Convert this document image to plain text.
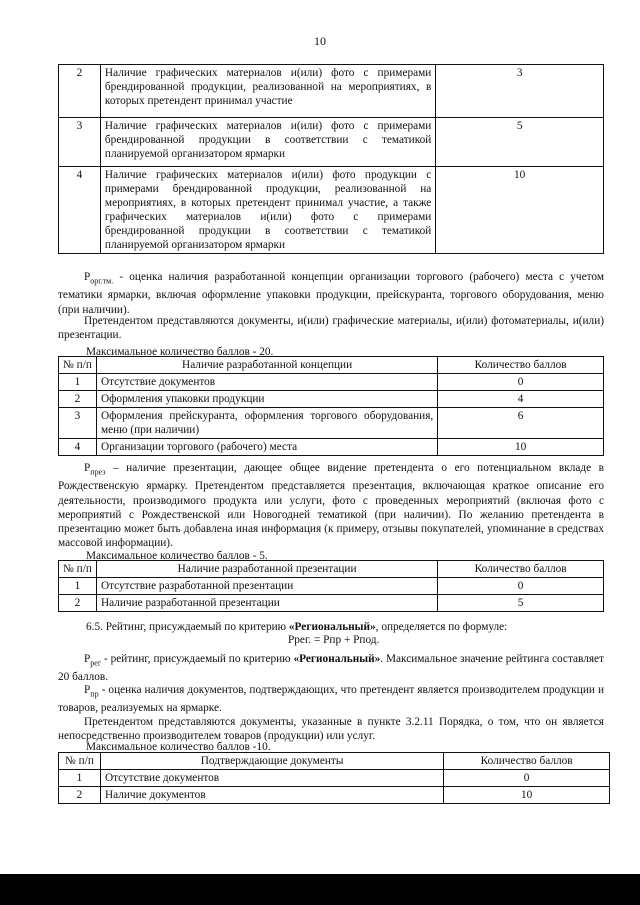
10
2	Наличие графических материалов и(или) фото с примерами брендированной продукции, реализованной на мероприятиях, в которых претендент принимал участие	3
3	Наличие графических материалов и(или) фото с примерами брендированной продукции в соответствии с тематикой планируемой организатором ярмарки	5
4	Наличие графических материалов и(или) фото продукции с примерами брендированной продукции, реализованной на мероприятиях, в которых претендент принимал участие, а также графических материалов и(или) фото с примерами брендированной продукции в соответствии с тематикой планируемой организатором ярмарки	10
$Р_{орг.тм.}$ - оценка наличия разработанной концепции организации торгового (рабочего) места с учетом тематики ярмарки, включая оформление упаковки продукции, прейскуранта, торгового оборудования, меню (при наличии).
Претендентом представляются документы, и(или) графические материалы, и(или) фотоматериалы, и(или) презентации.
Максимальное количество баллов - 20.
№ п/п	Наличие разработанной концепции	Количество баллов
1	Отсутствие документов	0
2	Оформления упаковки продукции	4
3	Оформления прейскуранта, оформления торгового оборудования, меню (при наличии)	6
4	Организации торгового (рабочего) места	10
$Р_{през}$ – наличие презентации, дающее общее видение претендента о его потенциальном вкладе в Рождественскую ярмарку. Претендентом представляется презентация, включающая краткое описание его деятельности, производимого продукта или услуги, фото с проведенных мероприятий (включая фото с мероприятий с Рождественской или Новогодней тематикой (при наличии). По желанию претендента в презентацию может быть добавлена иная информация (к примеру, отзывы покупателей, упоминание в средствах массовой информации).
Максимальное количество баллов - 5.
№ п/п	Наличие разработанной презентации	Количество баллов
1	Отсутствие разработанной презентации	0
2	Наличие разработанной презентации	5
6.5. Рейтинг, присуждаемый по критерию «Региональный», определяется по формуле:
Ррег. = Рпр + Рпод.
$Р_{рег}$ - рейтинг, присуждаемый по критерию «Региональный». Максимальное значение рейтинга составляет 20 баллов.
$Р_{пр}$ - оценка наличия документов, подтверждающих, что претендент является производителем продукции и товаров, реализуемых на ярмарке.
Претендентом представляются документы, указанные в пункте 3.2.11 Порядка, о том, что он является непосредственно производителем товаров (продукции) или услуг.
Максимальное количество баллов -10.
№ п/п	Подтверждающие документы	Количество баллов
1	Отсутствие документов	0
2	Наличие документов	10
